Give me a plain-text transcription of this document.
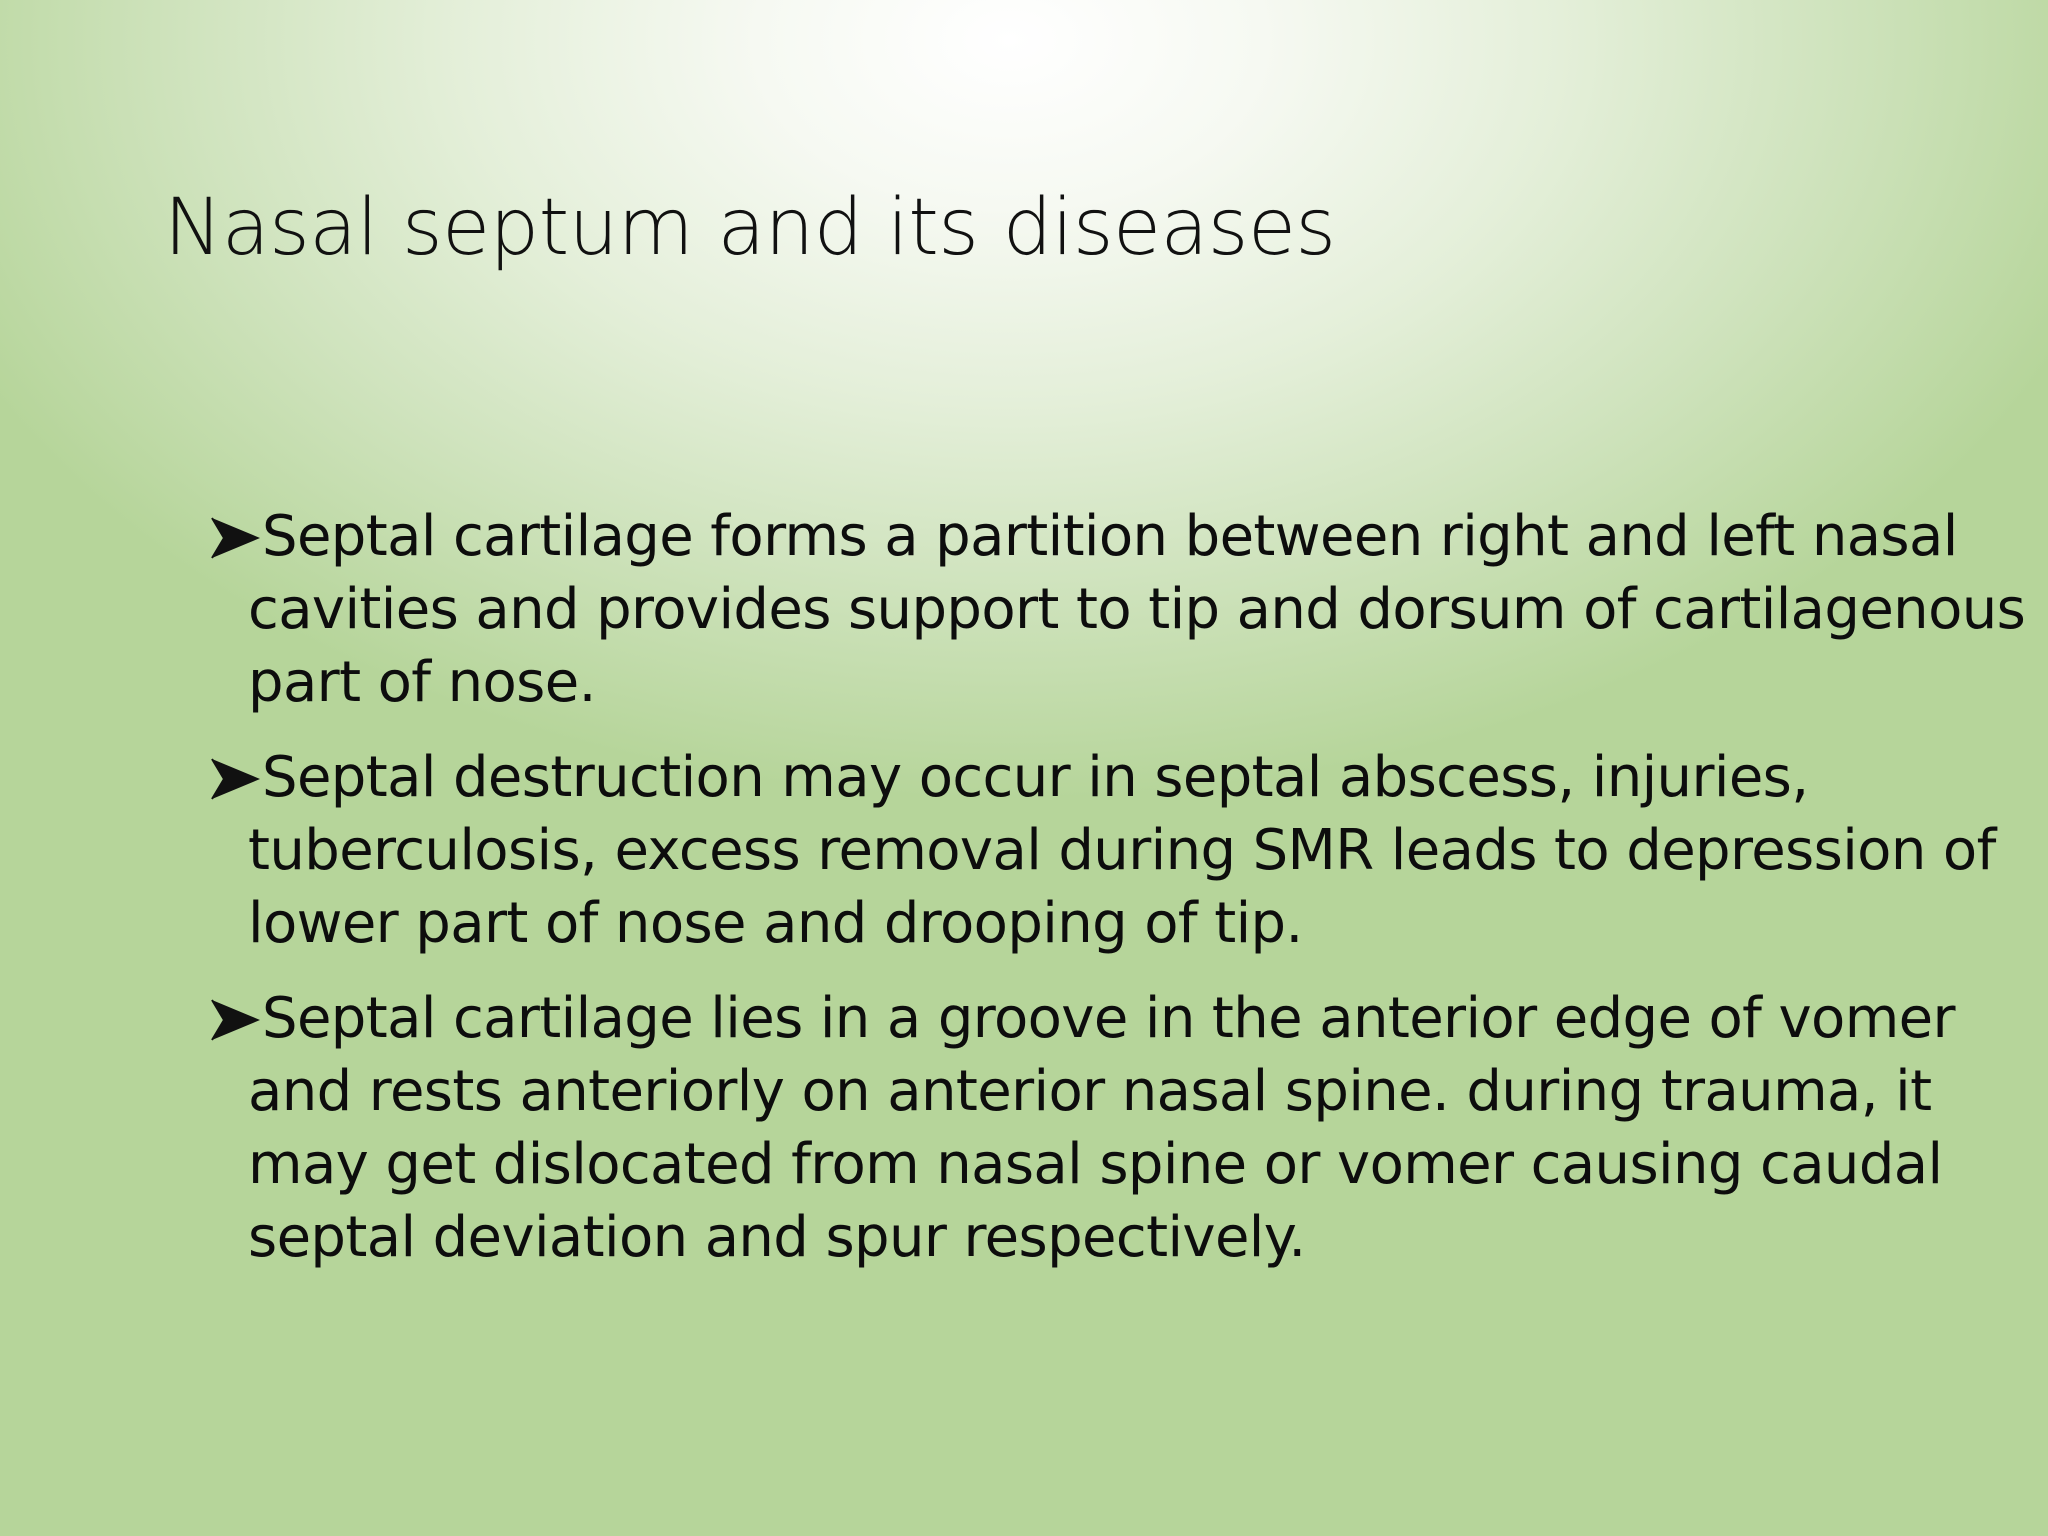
Nasal septum and its diseases
Septal cartilage forms a partition between right and left nasal
cavities and provides support to tip and dorsum of cartilagenous
part of nose.
Septal destruction may occur in septal abscess, injuries,
tuberculosis, excess removal during SMR leads to depression of
lower part of nose and drooping of tip.
Septal cartilage lies in a groove in the anterior edge of vomer
and rests anteriorly on anterior nasal spine. during trauma, it
may get dislocated from nasal spine or vomer causing caudal
septal deviation and spur respectively.
